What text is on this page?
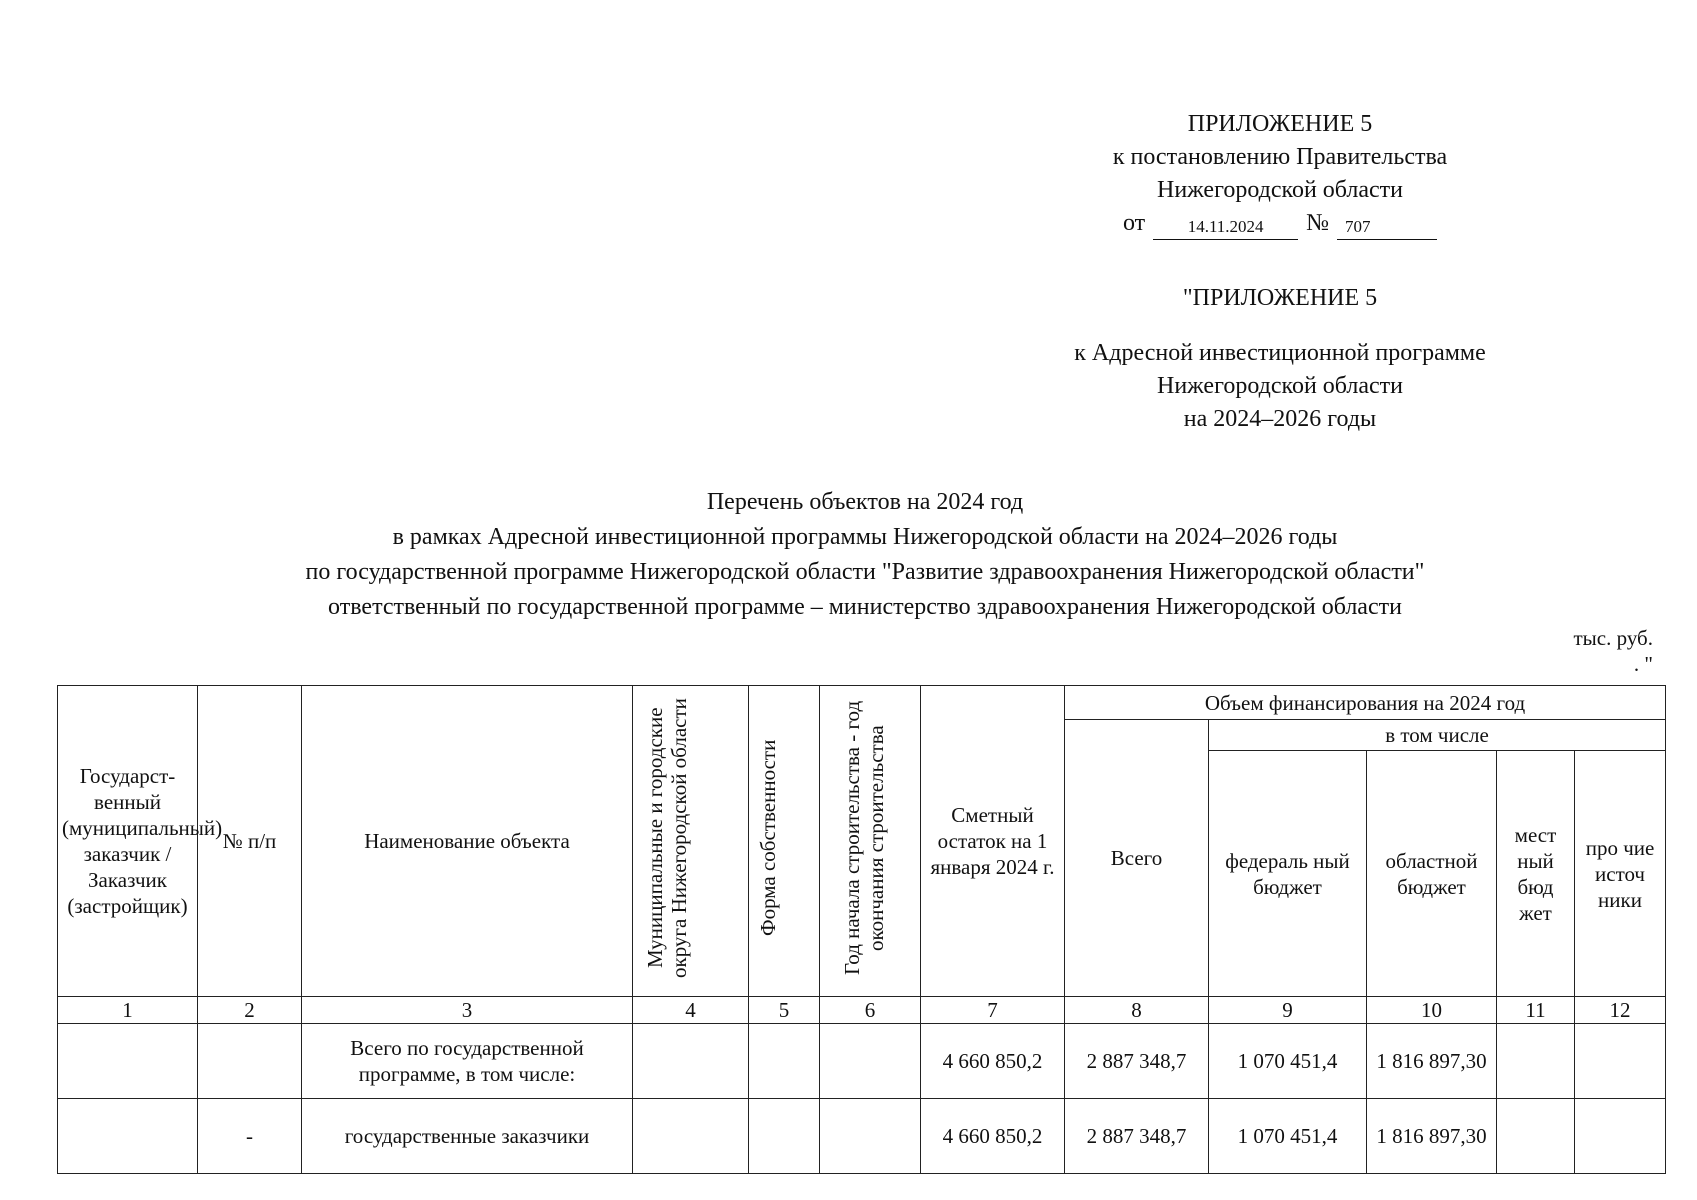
ПРИЛОЖЕНИЕ 5
к постановлению Правительства
Нижегородской области
от	14.11.2024	№ 707
"ПРИЛОЖЕНИЕ 5
к Адресной инвестиционной программе
Нижегородской области
на 2024–2026 годы
Перечень объектов на 2024 год
в рамках Адресной инвестиционной программы Нижегородской области на 2024–2026 годы
по государственной программе Нижегородской области "Развитие здравоохранения Нижегородской области"
ответственный по государственной программе – министерство здравоохранения Нижегородской области
тыс. руб.
. "
Государст-венный (муниципальный) заказчик / Заказчик (застройщик)	№ п/п	Наименование объекта	Муниципальные и городские округа Нижегородской области	Форма собственности	Год начала строительства - год окончания строительства	Сметный остаток на 1 января 2024 г.	Объем финансирования на 2024 год				
							Всего	в том числе			
								федераль ный бюджет	областной бюджет	мест ный бюд жет	про чие источ ники
1	2	3	4	5	6	7	8	9	10	11	12
		Всего по государственной программе, в том числе:				4 660 850,2	2 887 348,7	1 070 451,4	1 816 897,30		
	-	государственные заказчики				4 660 850,2	2 887 348,7	1 070 451,4	1 816 897,30		
